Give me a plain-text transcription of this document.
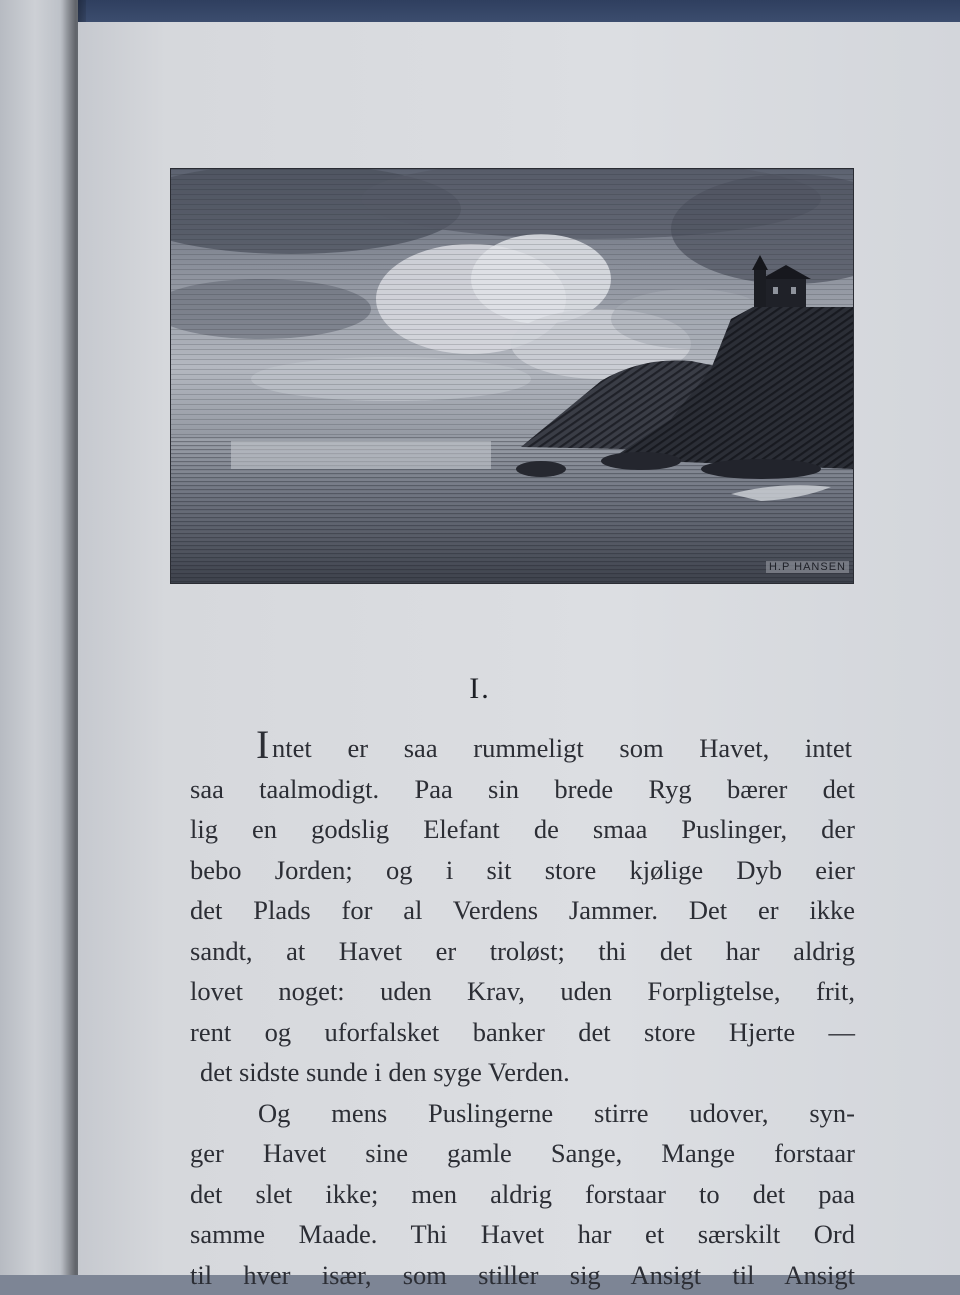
H.P HANSEN
I.
I ntet er saa rummeligt som Havet, intet
saa taalmodigt. Paa sin brede Ryg bærer det
lig en godslig Elefant de smaa Puslinger, der
bebo Jorden; og i sit store kjølige Dyb eier
det Plads for al Verdens Jammer. Det er ikke
sandt, at Havet er troløst; thi det har aldrig
lovet noget: uden Krav, uden Forpligtelse, frit,
rent og uforfalsket banker det store Hjerte —
det sidste sunde i den syge Verden.
Og mens Puslingerne stirre udover, syn-
ger Havet sine gamle Sange, Mange forstaar
det slet ikke; men aldrig forstaar to det paa
samme Maade. Thi Havet har et særskilt Ord
til hver især, som stiller sig Ansigt til Ansigt
